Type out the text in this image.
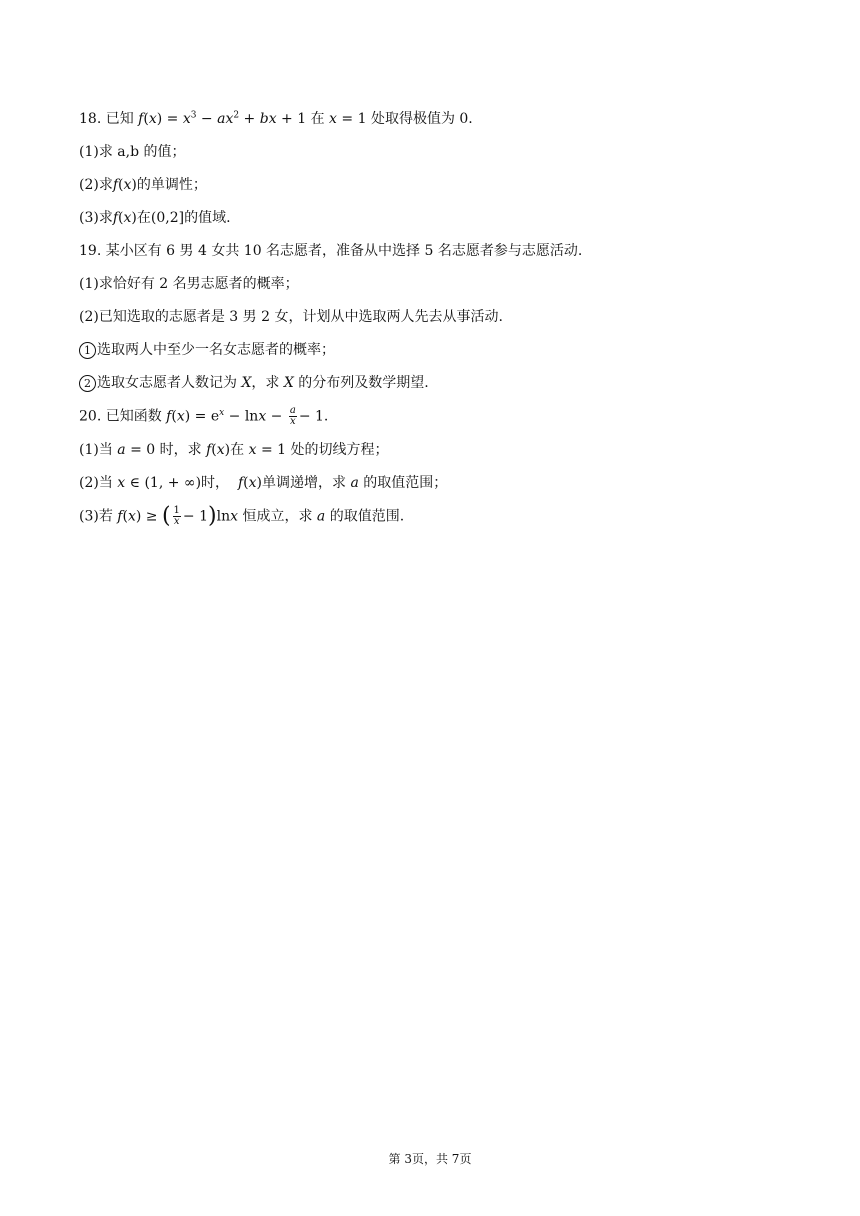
18. 已知 $f(x) = x^3 - ax^2$ + bx + 1 在 x = 1 处取得极值为 0.

(1)求 a,b 的值；

(2)求f(x)的单调性；

(3)求f(x)在(0,2]的值域.

19. 某小区有 6 男 4 女共 10 名志愿者，准备从中选择 5 名志愿者参与志愿活动.

(1)求恰好有 2 名男志愿者的概率；

(2)已知选取的志愿者是 3 男 2 女，计划从中选取两人先去从事活动.

1 选取两人中至少一名女志愿者的概率；

2 选取女志愿者人数记为 X，求 X 的分布列及数学期望.

20. 已知函数 $f(x) = e^x - \ln x - \frac{a}{x} - 1$.

(1)当 a = 0 时，求 f(x)在 x = 1 处的切线方程；

(2)当 x ∈ (1, + ∞)时， f(x)单调递增，求 a 的取值范围；

(3)若 f(x) ≥ ( $\frac{1}{x} - 1)\ln x$ 恒成立，求 a 的取值范围.

第 3页，共 7页
